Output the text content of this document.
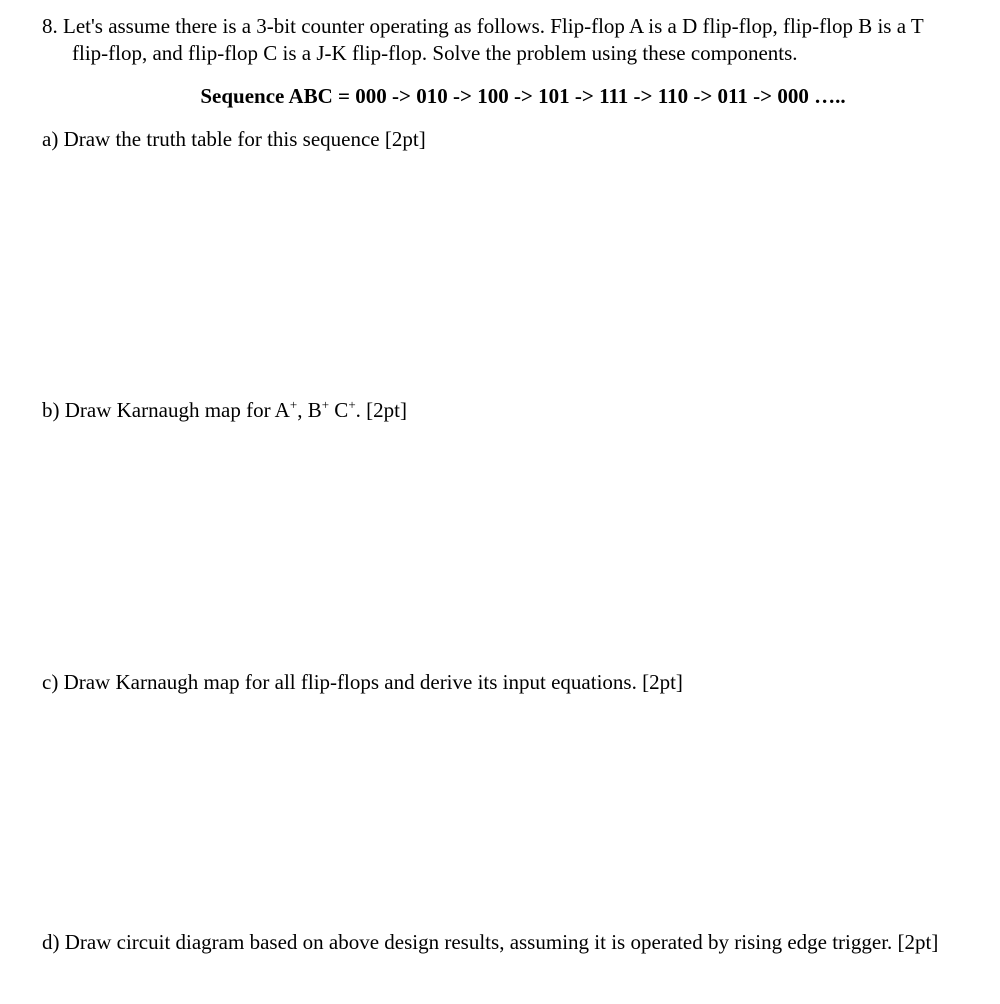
8. Let's assume there is a 3-bit counter operating as follows. Flip-flop A is a D flip-flop, flip-flop B is a T
flip-flop, and flip-flop C is a J-K flip-flop. Solve the problem using these components.
Sequence ABC = 000 -> 010 -> 100 -> 101 -> 111 -> 110 -> 011 -> 000 …..
a) Draw the truth table for this sequence [2pt]
b) Draw Karnaugh map for A+, B+ C+. [2pt]
c) Draw Karnaugh map for all flip-flops and derive its input equations. [2pt]
d) Draw circuit diagram based on above design results, assuming it is operated by rising edge trigger. [2pt]
